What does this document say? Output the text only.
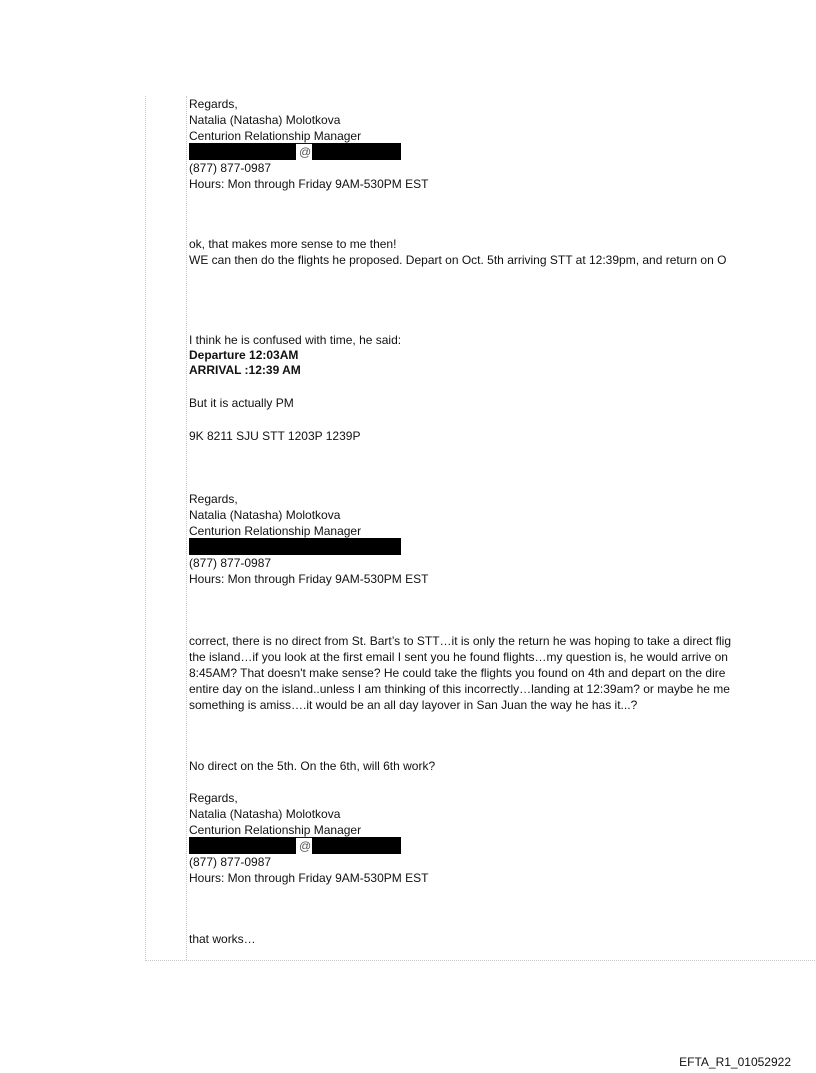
Regards,
Natalia (Natasha) Molotkova
Centurion Relationship Manager
@
(877) 877-0987
Hours: Mon through Friday 9AM-530PM EST
ok, that makes more sense to me then!
WE can then do the flights he proposed. Depart on Oct. 5th arriving STT at 12:39pm, and return on O
I think he is confused with time, he said:
Departure 12:03AM
ARRIVAL :12:39 AM
But it is actually PM
9K 8211 SJU STT 1203P 1239P
Regards,
Natalia (Natasha) Molotkova
Centurion Relationship Manager
(877) 877-0987
Hours: Mon through Friday 9AM-530PM EST
correct, there is no direct from St. Bart’s to STT…it is only the return he was hoping to take a direct flig
the island…if you look at the first email I sent you he found flights…my question is, he would arrive on
8:45AM? That doesn't make sense? He could take the flights you found on 4th and depart on the dire
entire day on the island..unless I am thinking of this incorrectly…landing at 12:39am? or maybe he me
something is amiss….it would be an all day layover in San Juan the way he has it...?
No direct on the 5th. On the 6th, will 6th work?
Regards,
Natalia (Natasha) Molotkova
Centurion Relationship Manager
@
(877) 877-0987
Hours: Mon through Friday 9AM-530PM EST
that works…
EFTA_R1_01052922
